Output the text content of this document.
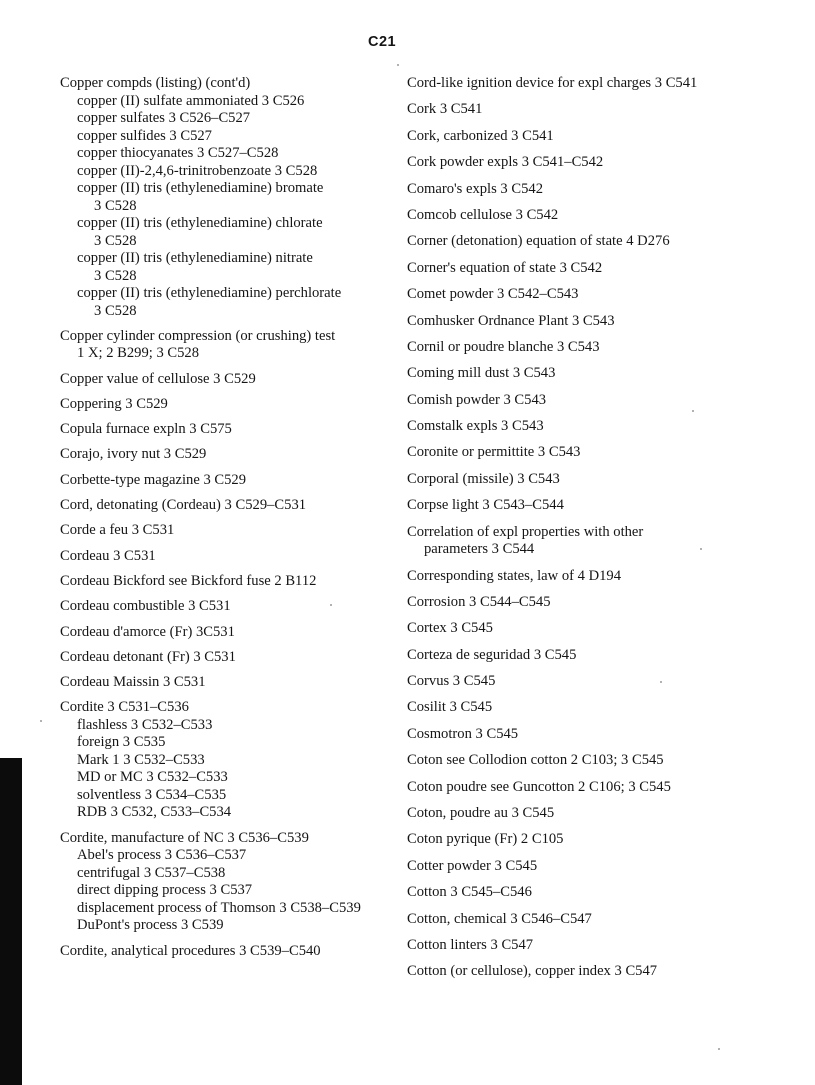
C21
Copper compds (listing) (cont'd)
copper (II) sulfate ammoniated 3 C526
copper sulfates 3 C526–C527
copper sulfides 3 C527
copper thiocyanates 3 C527–C528
copper (II)-2,4,6-trinitrobenzoate 3 C528
copper (II) tris (ethylenediamine) bromate
3 C528
copper (II) tris (ethylenediamine) chlorate
3 C528
copper (II) tris (ethylenediamine) nitrate
3 C528
copper (II) tris (ethylenediamine) perchlorate
3 C528
Copper cylinder compression (or crushing) test
1 X; 2 B299; 3 C528
Copper value of cellulose 3 C529
Coppering 3 C529
Copula furnace expln 3 C575
Corajo, ivory nut 3 C529
Corbette-type magazine 3 C529
Cord, detonating (Cordeau) 3 C529–C531
Corde a feu 3 C531
Cordeau 3 C531
Cordeau Bickford see Bickford fuse 2 B112
Cordeau combustible 3 C531
Cordeau d'amorce (Fr) 3C531
Cordeau detonant (Fr) 3 C531
Cordeau Maissin 3 C531
Cordite 3 C531–C536
flashless 3 C532–C533
foreign 3 C535
Mark 1 3 C532–C533
MD or MC 3 C532–C533
solventless 3 C534–C535
RDB 3 C532, C533–C534
Cordite, manufacture of NC 3 C536–C539
Abel's process 3 C536–C537
centrifugal 3 C537–C538
direct dipping process 3 C537
displacement process of Thomson 3 C538–C539
DuPont's process 3 C539
Cordite, analytical procedures 3 C539–C540
Cord-like ignition device for expl charges 3 C541
Cork 3 C541
Cork, carbonized 3 C541
Cork powder expls 3 C541–C542
Comaro's expls 3 C542
Comcob cellulose 3 C542
Corner (detonation) equation of state 4 D276
Corner's equation of state 3 C542
Comet powder 3 C542–C543
Comhusker Ordnance Plant 3 C543
Cornil or poudre blanche 3 C543
Coming mill dust 3 C543
Comish powder 3 C543
Comstalk expls 3 C543
Coronite or permittite 3 C543
Corporal (missile) 3 C543
Corpse light 3 C543–C544
Correlation of expl properties with other
parameters 3 C544
Corresponding states, law of 4 D194
Corrosion 3 C544–C545
Cortex 3 C545
Corteza de seguridad 3 C545
Corvus 3 C545
Cosilit 3 C545
Cosmotron 3 C545
Coton see Collodion cotton 2 C103; 3 C545
Coton poudre see Guncotton 2 C106; 3 C545
Coton, poudre au 3 C545
Coton pyrique (Fr) 2 C105
Cotter powder 3 C545
Cotton 3 C545–C546
Cotton, chemical 3 C546–C547
Cotton linters 3 C547
Cotton (or cellulose), copper index 3 C547
